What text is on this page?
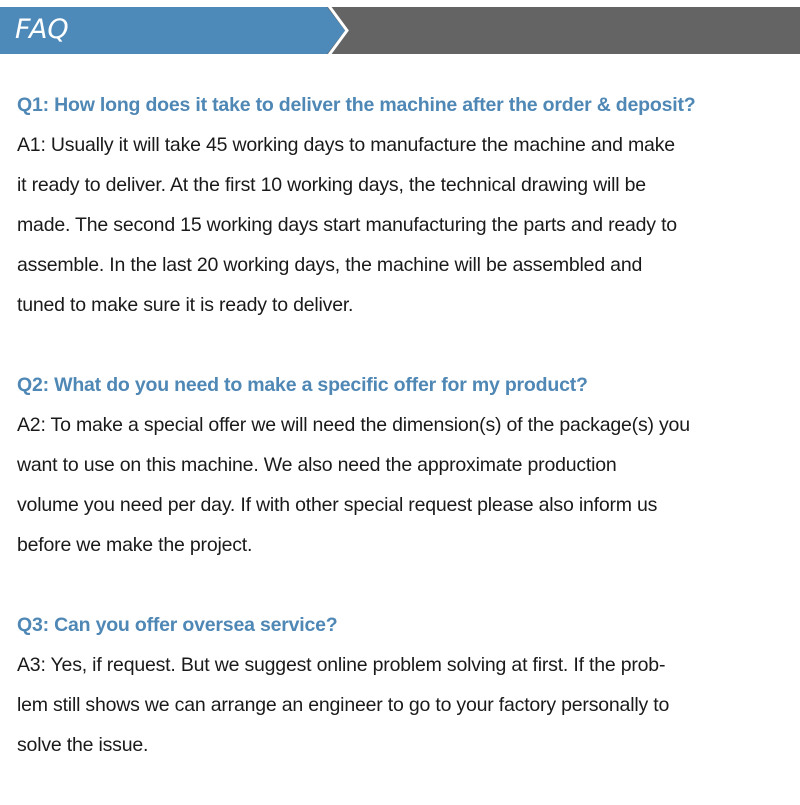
FAQ
Q1: How long does it take to deliver the machine after the order & deposit?
A1: Usually it will take 45 working days to manufacture the machine and make
it ready to deliver. At the first 10 working days, the technical drawing will be
made. The second 15 working days start manufacturing the parts and ready to
assemble. In the last 20 working days, the machine will be assembled and
tuned to make sure it is ready to deliver.
Q2: What do you need to make a specific offer for my product?
A2: To make a special offer we will need the dimension(s) of the package(s) you
want to use on this machine. We also need the approximate production
volume you need per day. If with other special request please also inform us
before we make the project.
Q3: Can you offer oversea service?
A3: Yes, if request. But we suggest online problem solving at first. If the prob-
lem still shows we can arrange an engineer to go to your factory personally to
solve the issue.
